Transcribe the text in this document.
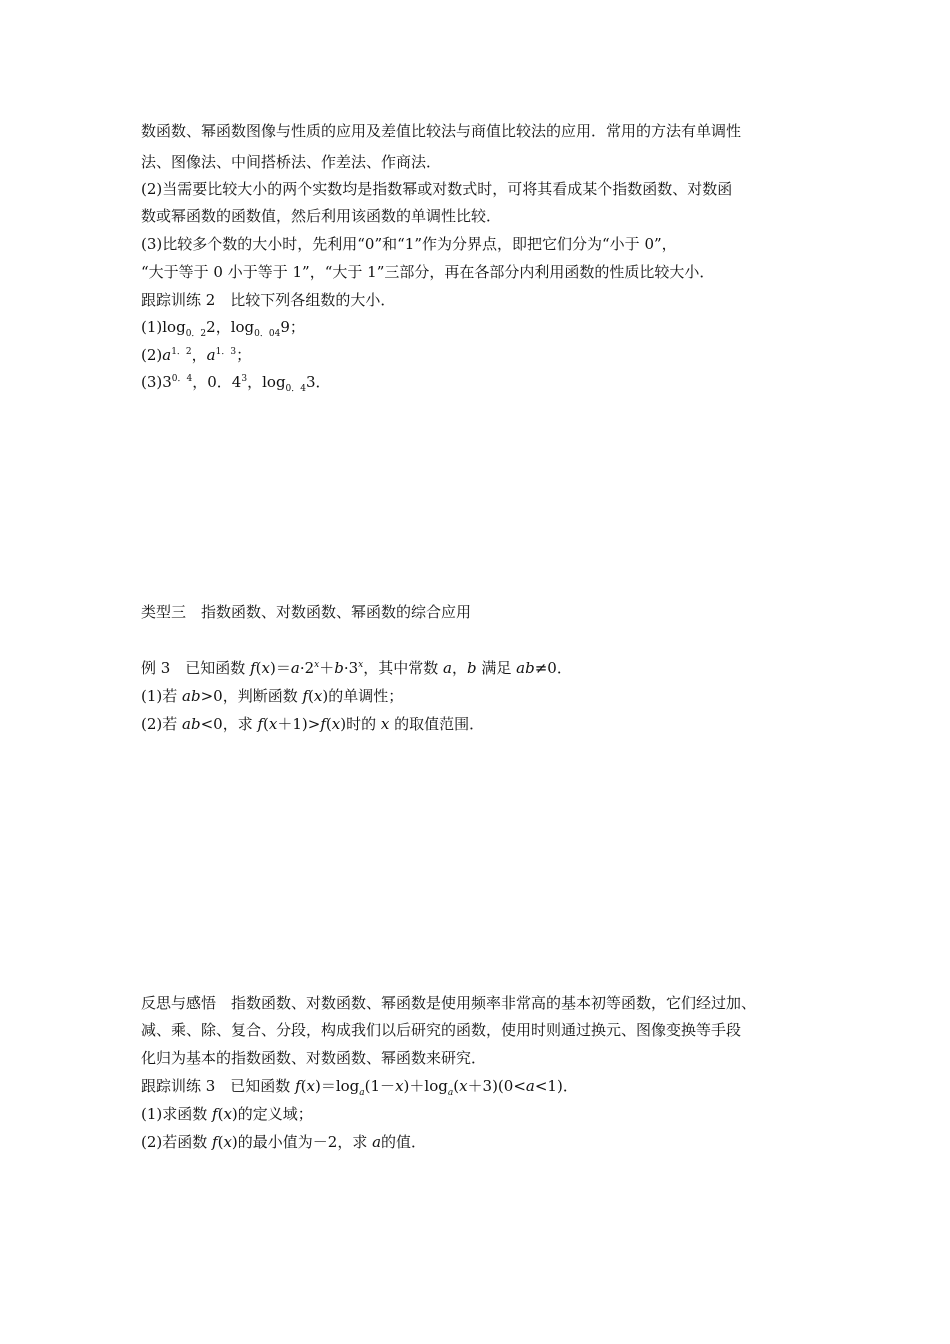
数函数、幂函数图像与性质的应用及差值比较法与商值比较法的应用．常用的方法有单调性
法、图像法、中间搭桥法、作差法、作商法．
(2)当需要比较大小的两个实数均是指数幂或对数式时，可将其看成某个指数函数、对数函
数或幂函数的函数值，然后利用该函数的单调性比较．
(3)比较多个数的大小时，先利用“0”和“1”作为分界点，即把它们分为“小于 0”，
“大于等于 0 小于等于 1”，“大于 1”三部分，再在各部分内利用函数的性质比较大小．
跟踪训练 2　比较下列各组数的大小．
$(1)\log_{0.2}2$，$\log_{0.04}9$；
$(2)a^{1.2}$，$a^{1.3}$；
$(3)3^{0.4}$，0．$4^3$，$\log_{0.4}3$．
类型三　指数函数、对数函数、幂函数的综合应用
例 3　已知函数 $f(x)=a\cdot 2^x+b\cdot 3^x$，其中常数 a，b 满足 ab≠0．
(1)若 ab>0，判断函数 f(x)的单调性；
(2)若 ab<0，求 f(x＋1)>f(x)时的 x 的取值范围．
反思与感悟　指数函数、对数函数、幂函数是使用频率非常高的基本初等函数，它们经过加、
减、乘、除、复合、分段，构成我们以后研究的函数，使用时则通过换元、图像变换等手段
化归为基本的指数函数、对数函数、幂函数来研究．
跟踪训练 3　已知函数 $f(x)=\log_a(1-x)+\log_a(x+3)(0<a<1)$．
(1)求函数 f(x)的定义域；
(2)若函数 f(x)的最小值为－2，求 a的值．
